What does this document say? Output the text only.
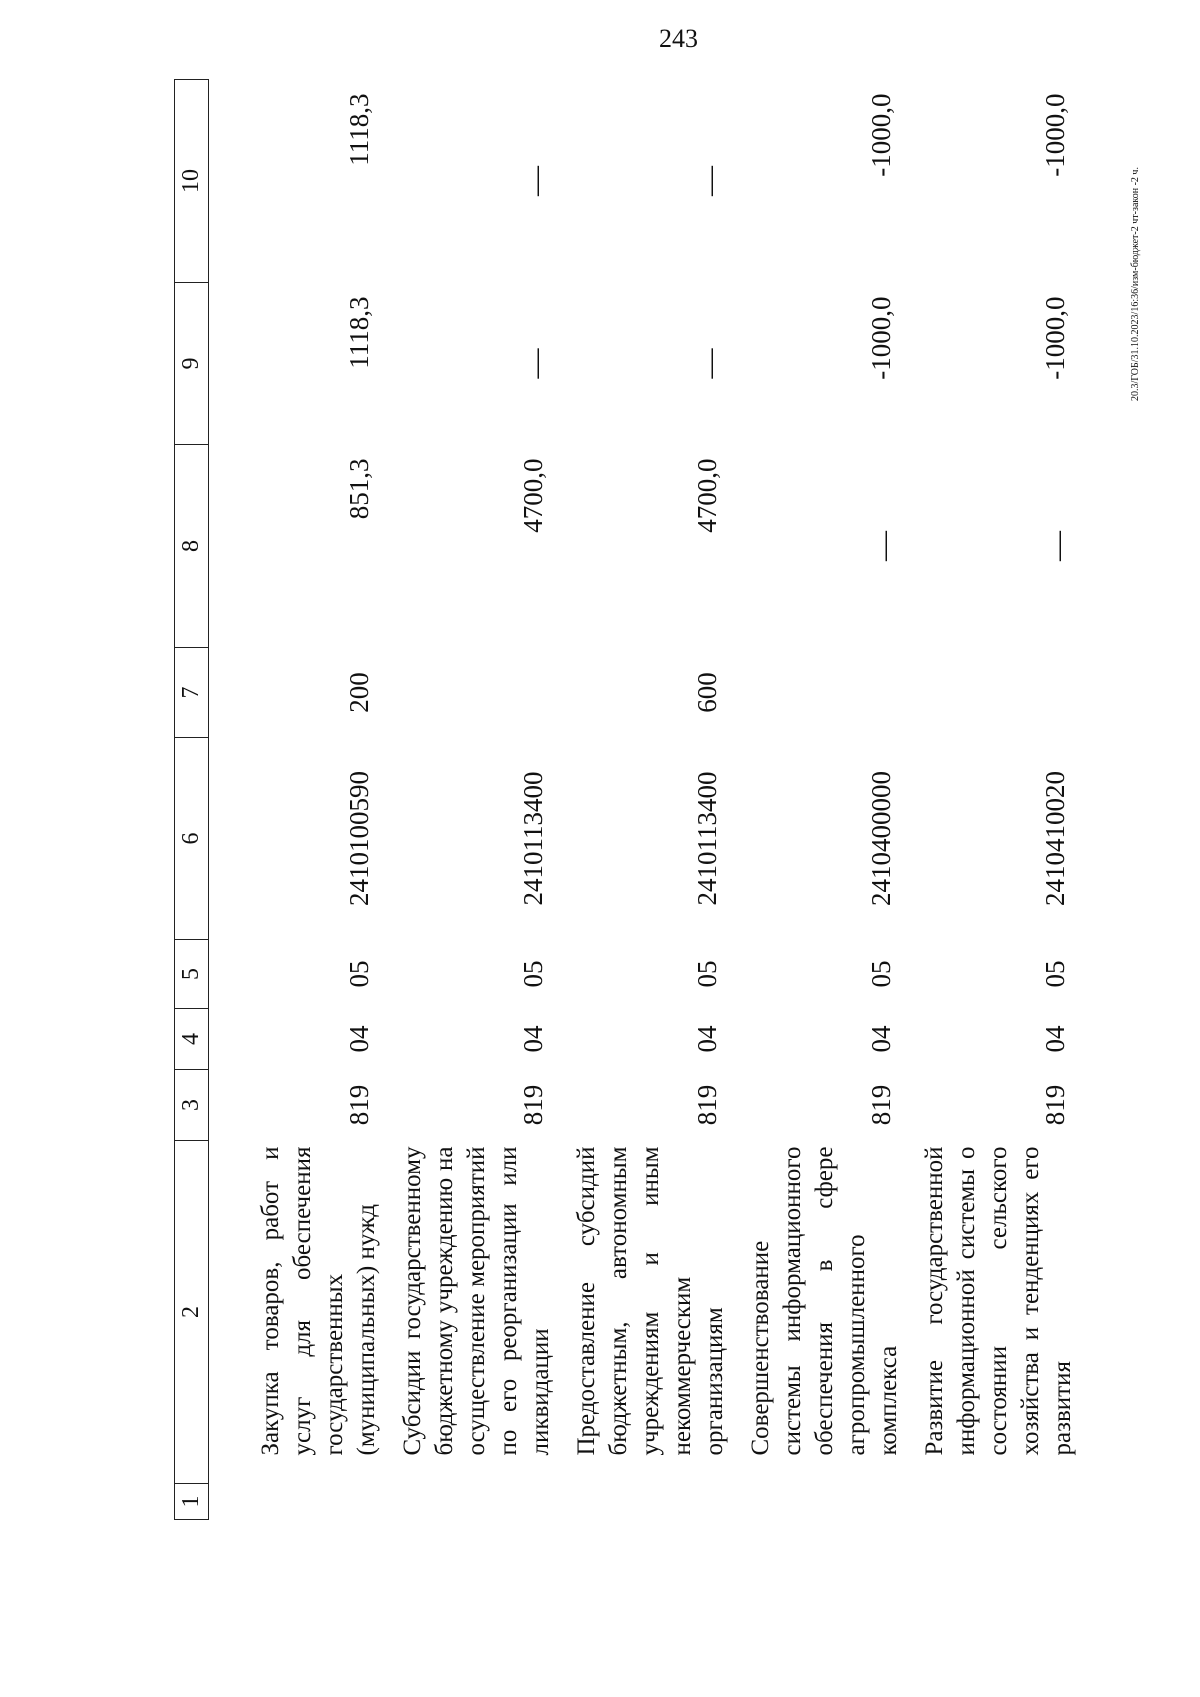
243
20.3/ГОБ/31.10.2023/16:36/изм-бюджет-2 чт-закон -2 ч.
1	2	3	4	5	6	7	8	9	10
	Закупка товаров, работ и услуг для обеспечения государственных (муниципальных) нужд	819	04	05	2410100590	200	851,3	1118,3	1118,3
	Субсидии государственному бюджетному учреждению на осуществление мероприятий по его реорганизации или ликвидации	819	04	05	2410113400		4700,0	—	—
	Предоставление субсидий бюджетным, автономным учреждениям и иным некоммерческим организациям	819	04	05	2410113400	600	4700,0	—	—
	Совершенствование системы информационного обеспечения в сфере агропромышленного комплекса	819	04	05	2410400000		—	-1000,0	-1000,0
	Развитие государственной информационной системы о состоянии сельского хозяйства и тенденциях его развития	819	04	05	2410410020		—	-1000,0	-1000,0
